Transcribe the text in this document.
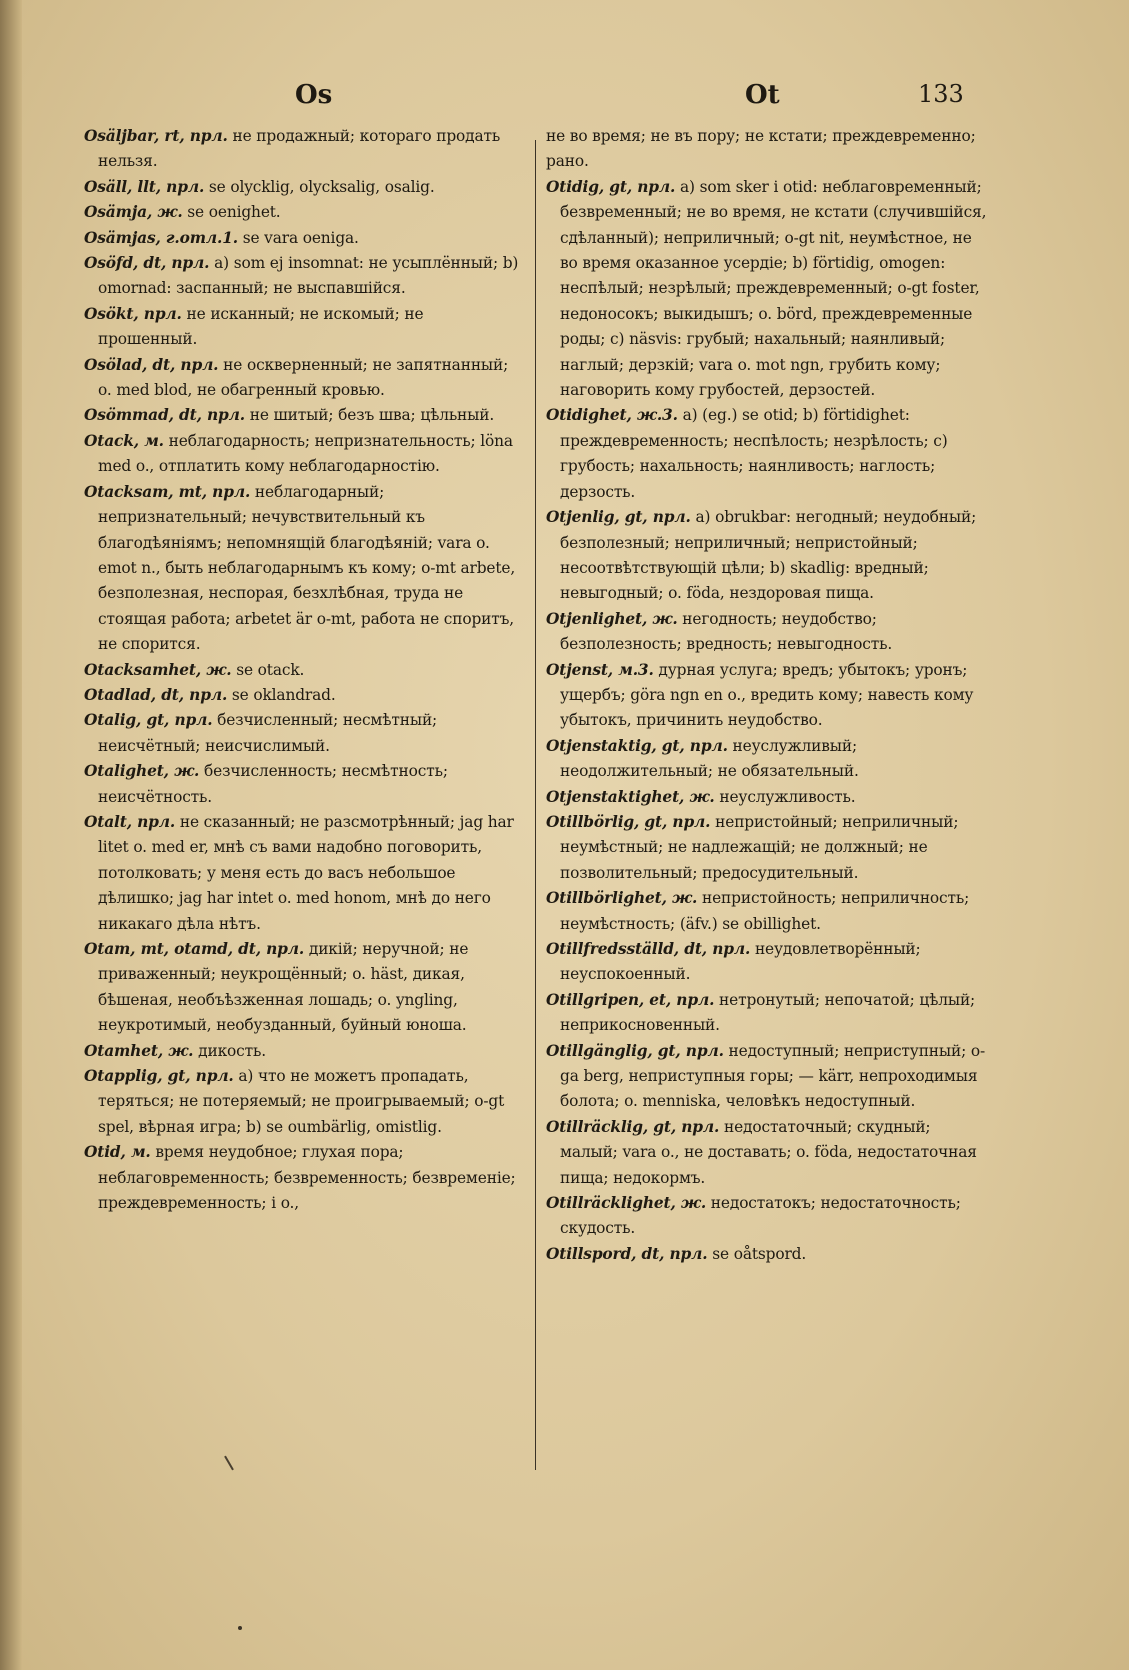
Os	Ot	133

Osäljbar, rt, прл. не продажный; котораго продать нельзя.

Osäll, llt, прл. se olycklig, olycksalig, osalig.

Osämja, ж. se oenighet.

Osämjas, г.отл.1. se vara oeniga.

Osöfd, dt, прл. a) som ej insomnat: не усыплённый; b) omornad: заспанный; не выспавшійся.

Osökt, прл. не исканный; не искомый; не прошенный.

Osölad, dt, прл. не оскверненный; не запятнанный; o. med blod, не обагренный кровью.

Osömmad, dt, прл. не шитый; безъ шва; цѣльный.

Otack, м. неблагодарность; непризнательность; löna med o., отплатить кому неблагодарностію.

Otacksam, mt, прл. неблагодарный; непризнательный; нечувствительный къ благодѣяніямъ; непомнящій благодѣяній; vara o. emot n., быть неблагодарнымъ къ кому; o-mt arbete, безполезная, неспорая, безхлѣбная, труда не стоящая работа; arbetet är o-mt, работа не споритъ, не спорится.

Otacksamhet, ж. se otack.

Otadlad, dt, прл. se oklandrad.

Otalig, gt, прл. безчисленный; несмѣтный; неисчётный; неисчислимый.

Otalighet, ж. безчисленность; несмѣтность; неисчётность.

Otalt, прл. не сказанный; не разсмотрѣнный; jag har litet o. med er, мнѣ съ вами надобно поговорить, потолковать; у меня есть до васъ небольшое дѣлишко; jag har intet o. med honom, мнѣ до него никакаго дѣла нѣтъ.

Otam, mt, otamd, dt, прл. дикій; неручной; не приваженный; неукрощённый; o. häst, дикая, бѣшеная, необъѣзженная лошадь; o. yngling, неукротимый, необузданный, буйный юноша.

Otamhet, ж. дикость.

Otapplig, gt, прл. a) что не можетъ пропадать, теряться; не потеряемый; не проигрываемый; o-gt spel, вѣрная игра; b) se oumbärlig, omistlig.

Otid, м. время неудобное; глухая пора; неблаговременность; безвременность; безвременіе; преждевременность; i o.,

не во время; не въ пору; не кстати; преждевременно; рано.

Otidig, gt, прл. a) som sker i otid: неблаговременный; безвременный; не во время, не кстати (случившійся, сдѣланный); неприличный; o-gt nit, неумѣстное, не во время оказанное усердіе; b) förtidig, omogen: неспѣлый; незрѣлый; преждевременный; o-gt foster, недоносокъ; выкидышъ; o. börd, преждевременные роды; c) näsvis: грубый; нахальный; наянливый; наглый; дерзкій; vara o. mot ngn, грубить кому; наговорить кому грубостей, дерзостей.

Otidighet, ж.3. a) (eg.) se otid; b) förtidighet: преждевременность; неспѣлость; незрѣлость; c) грубость; нахальность; наянливость; наглость; дерзость.

Otjenlig, gt, прл. a) obrukbar: негодный; неудобный; безполезный; неприличный; непристойный; несоотвѣтствующій цѣли; b) skadlig: вредный; невыгодный; o. föda, нездоровая пища.

Otjenlighet, ж. негодность; неудобство; безполезность; вредность; невыгодность.

Otjenst, м.3. дурная услуга; вредъ; убытокъ; уронъ; ущербъ; göra ngn en o., вредить кому; навесть кому убытокъ, причинить неудобство.

Otjenstaktig, gt, прл. неуслужливый; неодолжительный; не обязательный.

Otjenstaktighet, ж. неуслужливость.

Otillbörlig, gt, прл. непристойный; неприличный; неумѣстный; не надлежащій; не должный; не позволительный; предосудительный.

Otillbörlighet, ж. непристойность; неприличность; неумѣстность; (äfv.) se obillighet.

Otillfredsställd, dt, прл. неудовлетворённый; неуспокоенный.

Otillgripen, et, прл. нетронутый; непочатой; цѣлый; неприкосновенный.

Otillgänglig, gt, прл. недоступный; неприступный; o-ga berg, неприступныя горы; — kärr, непроходимыя болота; o. menniska, человѣкъ недоступный.

Otillräcklig, gt, прл. недостаточный; скудный; малый; vara o., не доставать; o. föda, недостаточная пища; недокормъ.

Otillräcklighet, ж. недостатокъ; недостаточность; скудость.

Otillspord, dt, прл. se oåtspord.
